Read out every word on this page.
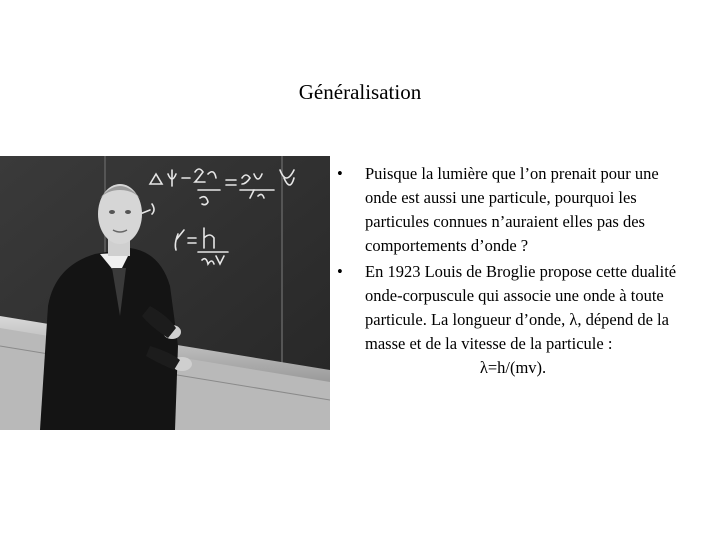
Généralisation
• Puisque la lumière que l’on prenait pour une onde est aussi une particule, pourquoi les particules connues n’auraient elles pas des comportements d’onde ?
• En 1923 Louis de Broglie propose cette dualité onde-corpuscule qui associe une onde à toute particule. La longueur d’onde, λ, dépend de la masse et de la vitesse de la particule :
λ=h/(mv).
